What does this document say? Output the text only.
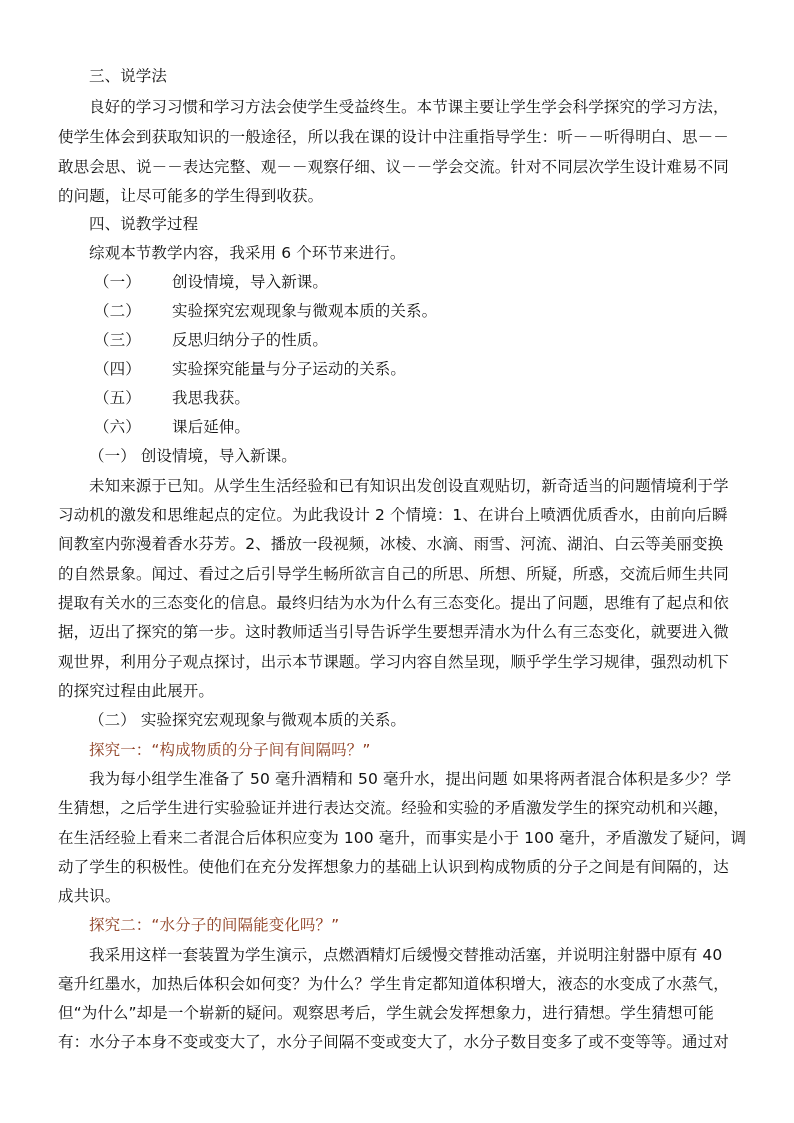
三、说学法
良好的学习习惯和学习方法会使学生受益终生。本节课主要让学生学会科学探究的学习方法，
使学生体会到获取知识的一般途径，所以我在课的设计中注重指导学生：听－－听得明白、思－－
敢思会思、说－－表达完整、观－－观察仔细、议－－学会交流。针对不同层次学生设计难易不同
的问题，让尽可能多的学生得到收获。
四、说教学过程
综观本节教学内容，我采用 6 个环节来进行。
（一） 创设情境，导入新课。
（二） 实验探究宏观现象与微观本质的关系。
（三） 反思归纳分子的性质。
（四） 实验探究能量与分子运动的关系。
（五） 我思我获。
（六） 课后延伸。
（一） 创设情境，导入新课。
未知来源于已知。从学生生活经验和已有知识出发创设直观贴切，新奇适当的问题情境利于学
习动机的激发和思维起点的定位。为此我设计 2 个情境：1、在讲台上喷洒优质香水，由前向后瞬
间教室内弥漫着香水芬芳。2、播放一段视频，冰棱、水滴、雨雪、河流、湖泊、白云等美丽变换
的自然景象。闻过、看过之后引导学生畅所欲言自己的所思、所想、所疑，所惑，交流后师生共同
提取有关水的三态变化的信息。最终归结为水为什么有三态变化。提出了问题，思维有了起点和依
据，迈出了探究的第一步。这时教师适当引导告诉学生要想弄清水为什么有三态变化，就要进入微
观世界，利用分子观点探讨，出示本节课题。学习内容自然呈现，顺乎学生学习规律，强烈动机下
的探究过程由此展开。
（二） 实验探究宏观现象与微观本质的关系。
探究一：“构成物质的分子间有间隔吗？”
我为每小组学生准备了 50 毫升酒精和 50 毫升水，提出问题 如果将两者混合体积是多少？学
生猜想，之后学生进行实验验证并进行表达交流。经验和实验的矛盾激发学生的探究动机和兴趣，
在生活经验上看来二者混合后体积应变为 100 毫升，而事实是小于 100 毫升，矛盾激发了疑问，调
动了学生的积极性。使他们在充分发挥想象力的基础上认识到构成物质的分子之间是有间隔的，达
成共识。
探究二：“水分子的间隔能变化吗？”
我采用这样一套装置为学生演示，点燃酒精灯后缓慢交替推动活塞，并说明注射器中原有 40
毫升红墨水，加热后体积会如何变？为什么？学生肯定都知道体积增大，液态的水变成了水蒸气，
但“为什么”却是一个崭新的疑问。观察思考后，学生就会发挥想象力，进行猜想。学生猜想可能
有：水分子本身不变或变大了，水分子间隔不变或变大了，水分子数目变多了或不变等等。通过对
